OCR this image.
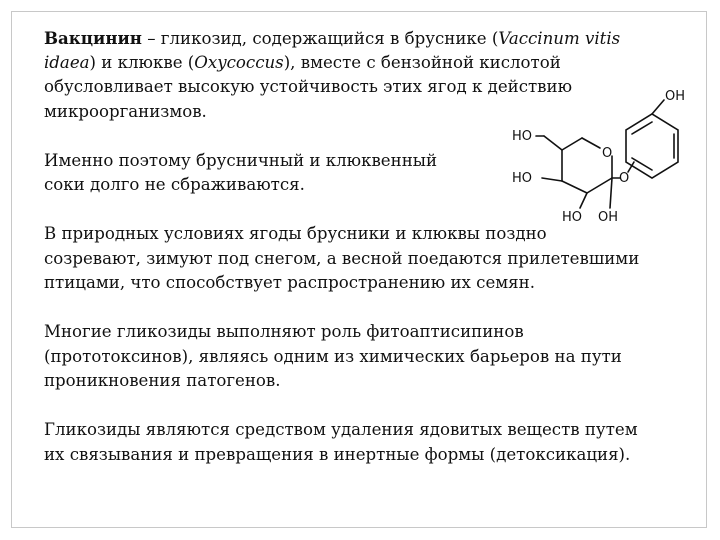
Вакцинин – гликозид, содержащийся в бруснике (Vaccinum vitis

idaea) и клюкве (Oxycoccus), вместе с бензойной кислотой

обусловливает высокую устойчивость этих ягод к действию

микроорганизмов.

Именно поэтому брусничный и клюквенный

соки долго не сбраживаются.

В природных условиях ягоды брусники и клюквы поздно

созревают, зимуют под снегом, а весной поедаются прилетевшими

птицами, что способствует распространению их семян.

Многие гликозиды выполняют роль фитоаптисипинов

(прототоксинов), являясь одним из химических барьеров на пути

проникновения патогенов.

Гликозиды являются средством удаления ядовитых веществ путем

их связывания и превращения в инертные формы (детоксикация).

OH
HO
O
O
HO
HO OH
